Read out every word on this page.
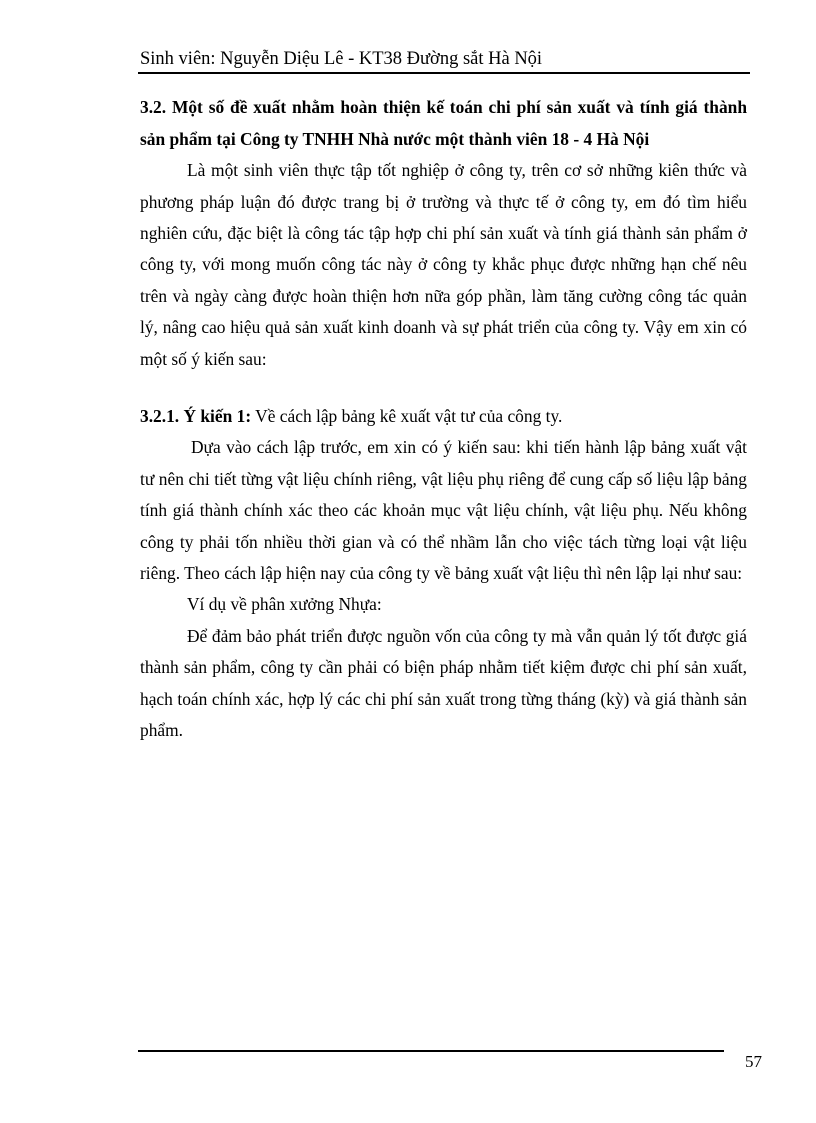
Sinh viên: Nguyễn Diệu Lê - KT38 Đường sắt Hà Nội

3.2. Một số đề xuất nhằm hoàn thiện kế toán chi phí sản xuất và tính giá thành sản phẩm tại Công ty TNHH Nhà nước một thành viên 18 - 4 Hà Nội

Là một sinh viên thực tập tốt nghiệp ở công ty, trên cơ sở những kiên thức và phương pháp luận đó được trang bị ở trường và thực tế ở công ty, em đó tìm hiểu nghiên cứu, đặc biệt là công tác tập hợp chi phí sản xuất và tính giá thành sản phẩm ở công ty, với mong muốn công tác này ở công ty khắc phục được những hạn chế nêu trên và ngày càng được hoàn thiện hơn nữa góp phần, làm tăng cường công tác quản lý, nâng cao hiệu quả sản xuất kinh doanh và sự phát triển của công ty. Vậy em xin có một số ý kiến sau:

3.2.1. Ý kiến 1: Về cách lập bảng kê xuất vật tư của công ty.

Dựa vào cách lập trước, em xin có ý kiến sau: khi tiến hành lập bảng xuất vật tư nên chi tiết từng vật liệu chính riêng, vật liệu phụ riêng để cung cấp số liệu lập bảng tính giá thành chính xác theo các khoản mục vật liệu chính, vật liệu phụ. Nếu không công ty phải tốn nhiều thời gian và có thể nhầm lẫn cho việc tách từng loại vật liệu riêng. Theo cách lập hiện nay của công ty về bảng xuất vật liệu thì nên lập lại như sau:

Ví dụ về phân xưởng Nhựa:

Để đảm bảo phát triển được nguồn vốn của công ty mà vẫn quản lý tốt được giá thành sản phẩm, công ty cần phải có biện pháp nhằm tiết kiệm được chi phí sản xuất, hạch toán chính xác, hợp lý các chi phí sản xuất trong từng tháng (kỳ) và giá thành sản phẩm.

57
